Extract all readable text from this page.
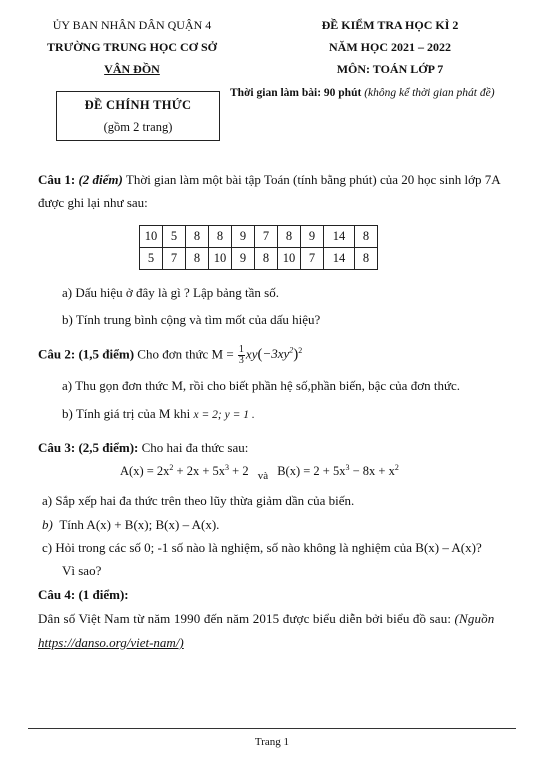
ỦY BAN NHÂN DÂN QUẬN 4
TRƯỜNG TRUNG HỌC CƠ SỞ
VÂN ĐỒN
ĐỀ KIỂM TRA HỌC KÌ 2
NĂM HỌC 2021 – 2022
MÔN: TOÁN LỚP 7
Thời gian làm bài: 90 phút (không kể thời gian phát đề)
ĐỀ CHÍNH THỨC
(gồm 2 trang)
Câu 1: (2 điểm) Thời gian làm một bài tập Toán (tính bằng phút) của 20 học sinh lớp 7A
được ghi lại như sau:
10	5	8	8	9	7	8	9	14	8
5	7	8	10	9	8	10	7	14	8
a) Dấu hiệu ở đây là gì ? Lập bảng tần số.
b) Tính trung bình cộng và tìm mốt của dấu hiệu?
Câu 2: (1,5 điểm) Cho đơn thức $M = \frac{1}{3} xy(-3xy^2)^2$
a) Thu gọn đơn thức M, rồi cho biết phần hệ số,phần biến, bậc của đơn thức.
b) Tính giá trị của M khi x = 2; y = 1 .
Câu 3: (2,5 điểm): Cho hai đa thức sau:
$A(x) = 2x^2 + 2x + 5x^3 + 2$ và $B(x) = 2 + 5x^3 - 8x + x^2$
a) Sắp xếp hai đa thức trên theo lũy thừa giảm dần của biến.
b) Tính A(x) + B(x); B(x) – A(x).
c) Hỏi trong các số 0; -1 số nào là nghiệm, số nào không là nghiệm của B(x) – A(x)?
Vì sao?
Câu 4: (1 điểm):
Dân số Việt Nam từ năm 1990 đến năm 2015 được biểu diễn bởi biểu đồ sau: (Nguồn
https://danso.org/viet-nam/)
Trang 1
